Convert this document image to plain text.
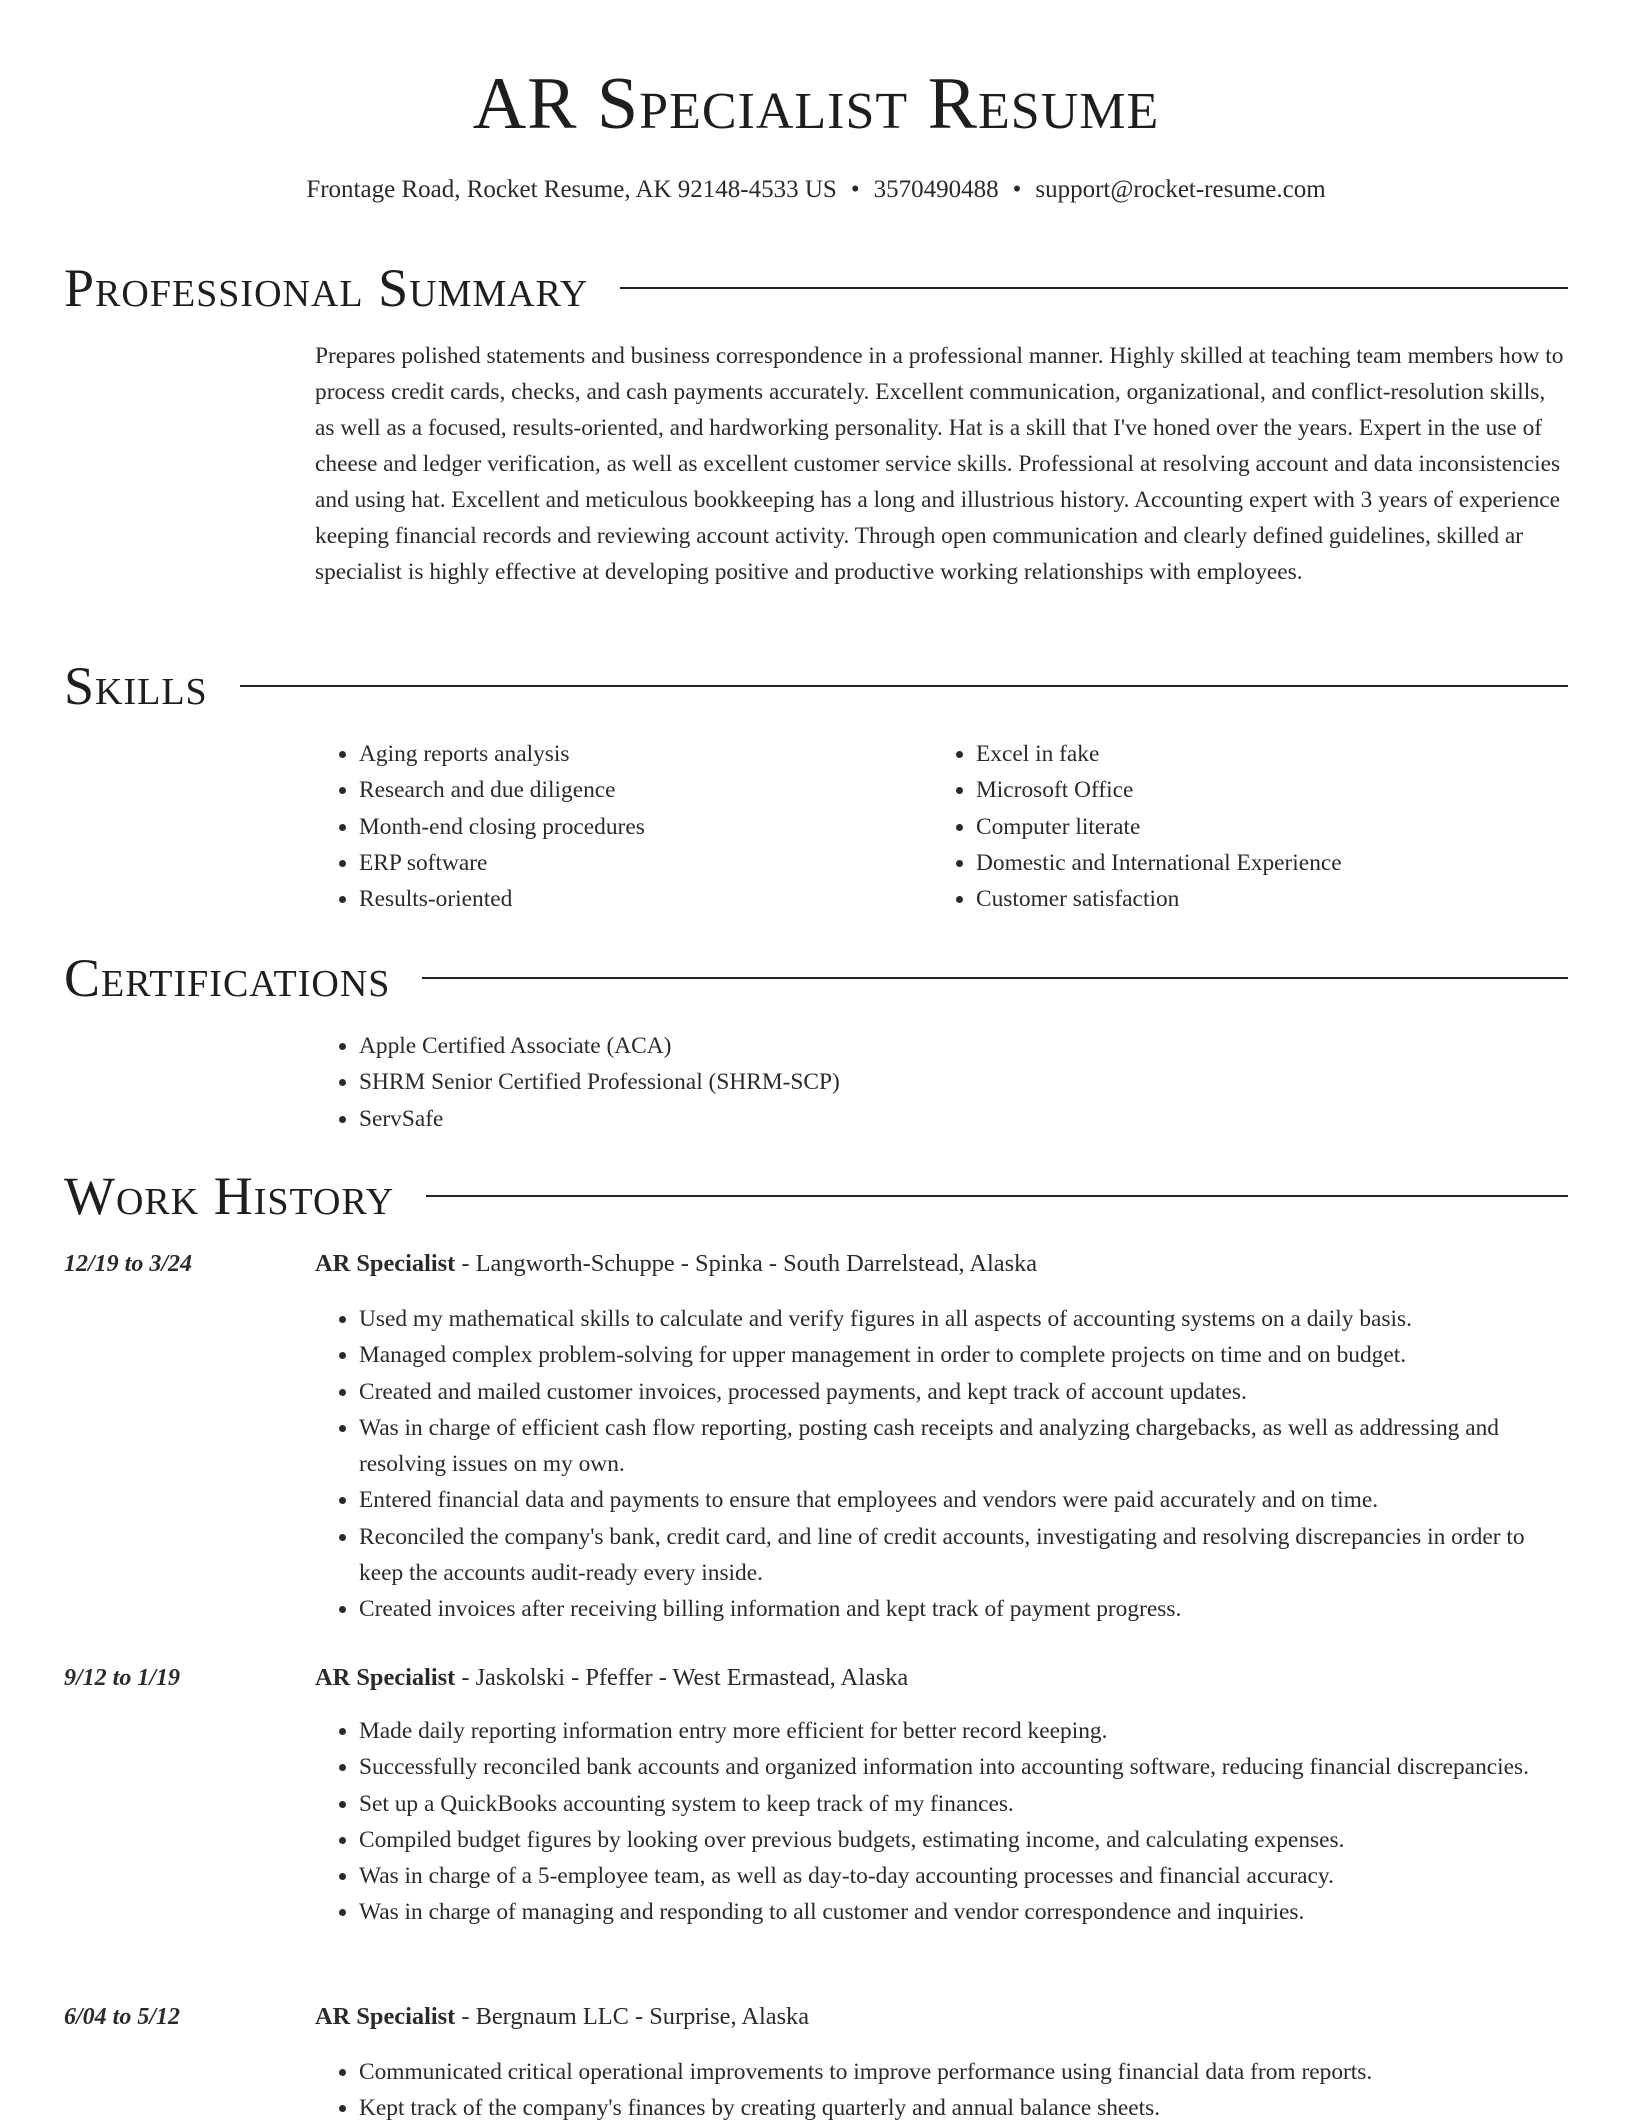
AR Specialist Resume
Frontage Road, Rocket Resume, AK 92148-4533 US • 3570490488 • support@rocket-resume.com
Professional Summary

Prepares polished statements and business correspondence in a professional manner. Highly skilled at teaching team members how to process credit cards, checks, and cash payments accurately. Excellent communication, organizational, and conflict-resolution skills, as well as a focused, results-oriented, and hardworking personality. Hat is a skill that I've honed over the years. Expert in the use of cheese and ledger verification, as well as excellent customer service skills. Professional at resolving account and data inconsistencies and using hat. Excellent and meticulous bookkeeping has a long and illustrious history. Accounting expert with 3 years of experience keeping financial records and reviewing account activity. Through open communication and clearly defined guidelines, skilled ar specialist is highly effective at developing positive and productive working relationships with employees.

Skills
• Aging reports analysis
• Research and due diligence
• Month-end closing procedures
• ERP software
• Results-oriented
• Excel in fake
• Microsoft Office
• Computer literate
• Domestic and International Experience
• Customer satisfaction
Certifications
• Apple Certified Associate (ACA)
• SHRM Senior Certified Professional (SHRM-SCP)
• ServSafe
Work History
12/19 to 3/24	AR Specialist - Langworth-Schuppe - Spinka - South Darrelstead, Alaska
• Used my mathematical skills to calculate and verify figures in all aspects of accounting systems on a daily basis.
• Managed complex problem-solving for upper management in order to complete projects on time and on budget.
• Created and mailed customer invoices, processed payments, and kept track of account updates.
• Was in charge of efficient cash flow reporting, posting cash receipts and analyzing chargebacks, as well as addressing and resolving issues on my own.
• Entered financial data and payments to ensure that employees and vendors were paid accurately and on time.
• Reconciled the company's bank, credit card, and line of credit accounts, investigating and resolving discrepancies in order to keep the accounts audit-ready every inside.
• Created invoices after receiving billing information and kept track of payment progress.
9/12 to 1/19	AR Specialist - Jaskolski - Pfeffer - West Ermastead, Alaska
• Made daily reporting information entry more efficient for better record keeping.
• Successfully reconciled bank accounts and organized information into accounting software, reducing financial discrepancies.
• Set up a QuickBooks accounting system to keep track of my finances.
• Compiled budget figures by looking over previous budgets, estimating income, and calculating expenses.
• Was in charge of a 5-employee team, as well as day-to-day accounting processes and financial accuracy.
• Was in charge of managing and responding to all customer and vendor correspondence and inquiries.
6/04 to 5/12	AR Specialist - Bergnaum LLC - Surprise, Alaska
• Communicated critical operational improvements to improve performance using financial data from reports.
• Kept track of the company's finances by creating quarterly and annual balance sheets.
